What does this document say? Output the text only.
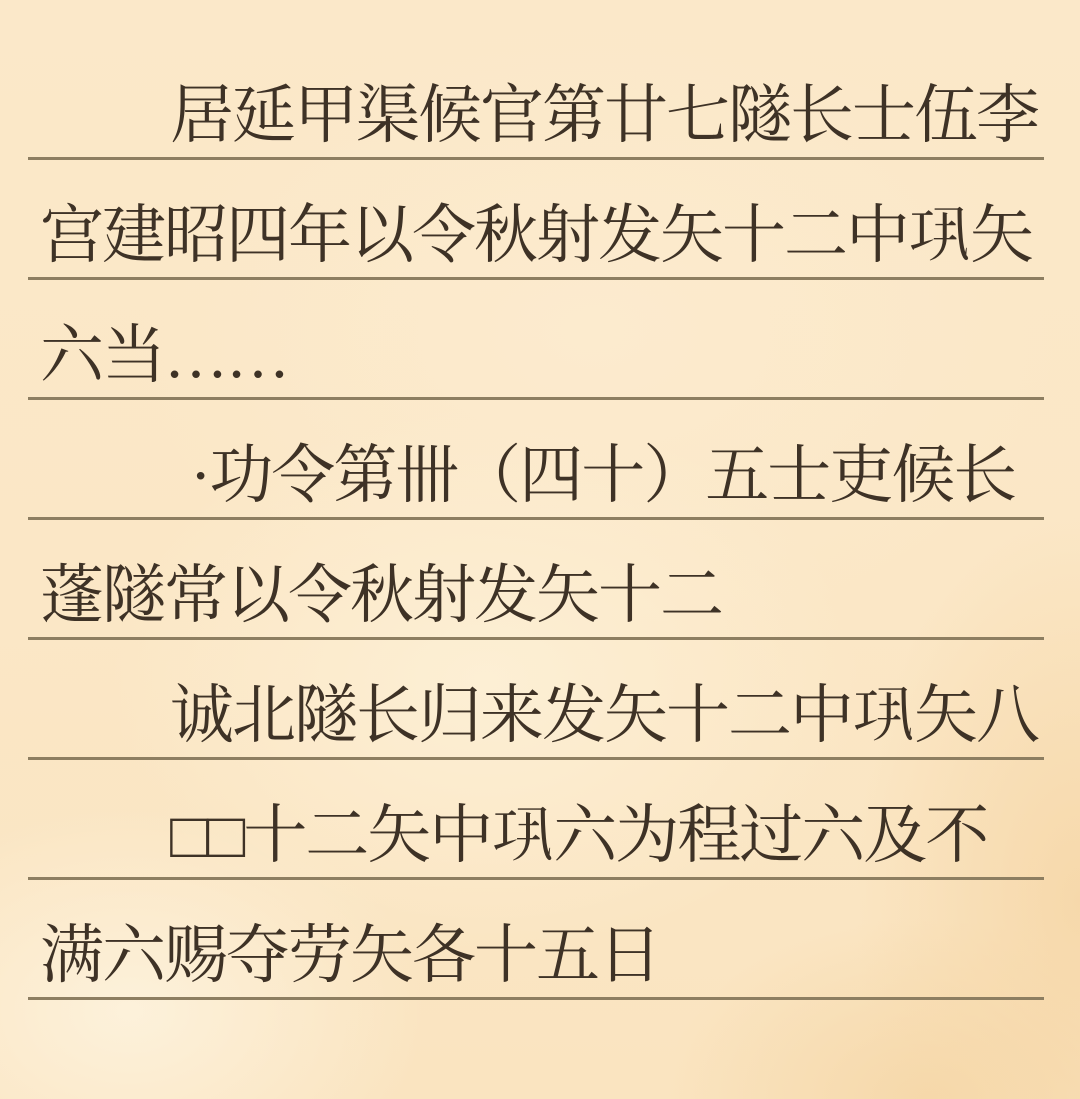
居延甲渠候官第廿七隧长士伍李
宫建昭四年以令秋射发矢十二中𢀜矢
六当……
·功令第卌（四十）五士吏候长
蓬隧常以令秋射发矢十二
诚北隧长归来发矢十二中𢀜矢八
□□十二矢中𢀜六为程过六及不
满六赐夺劳矢各十五日
